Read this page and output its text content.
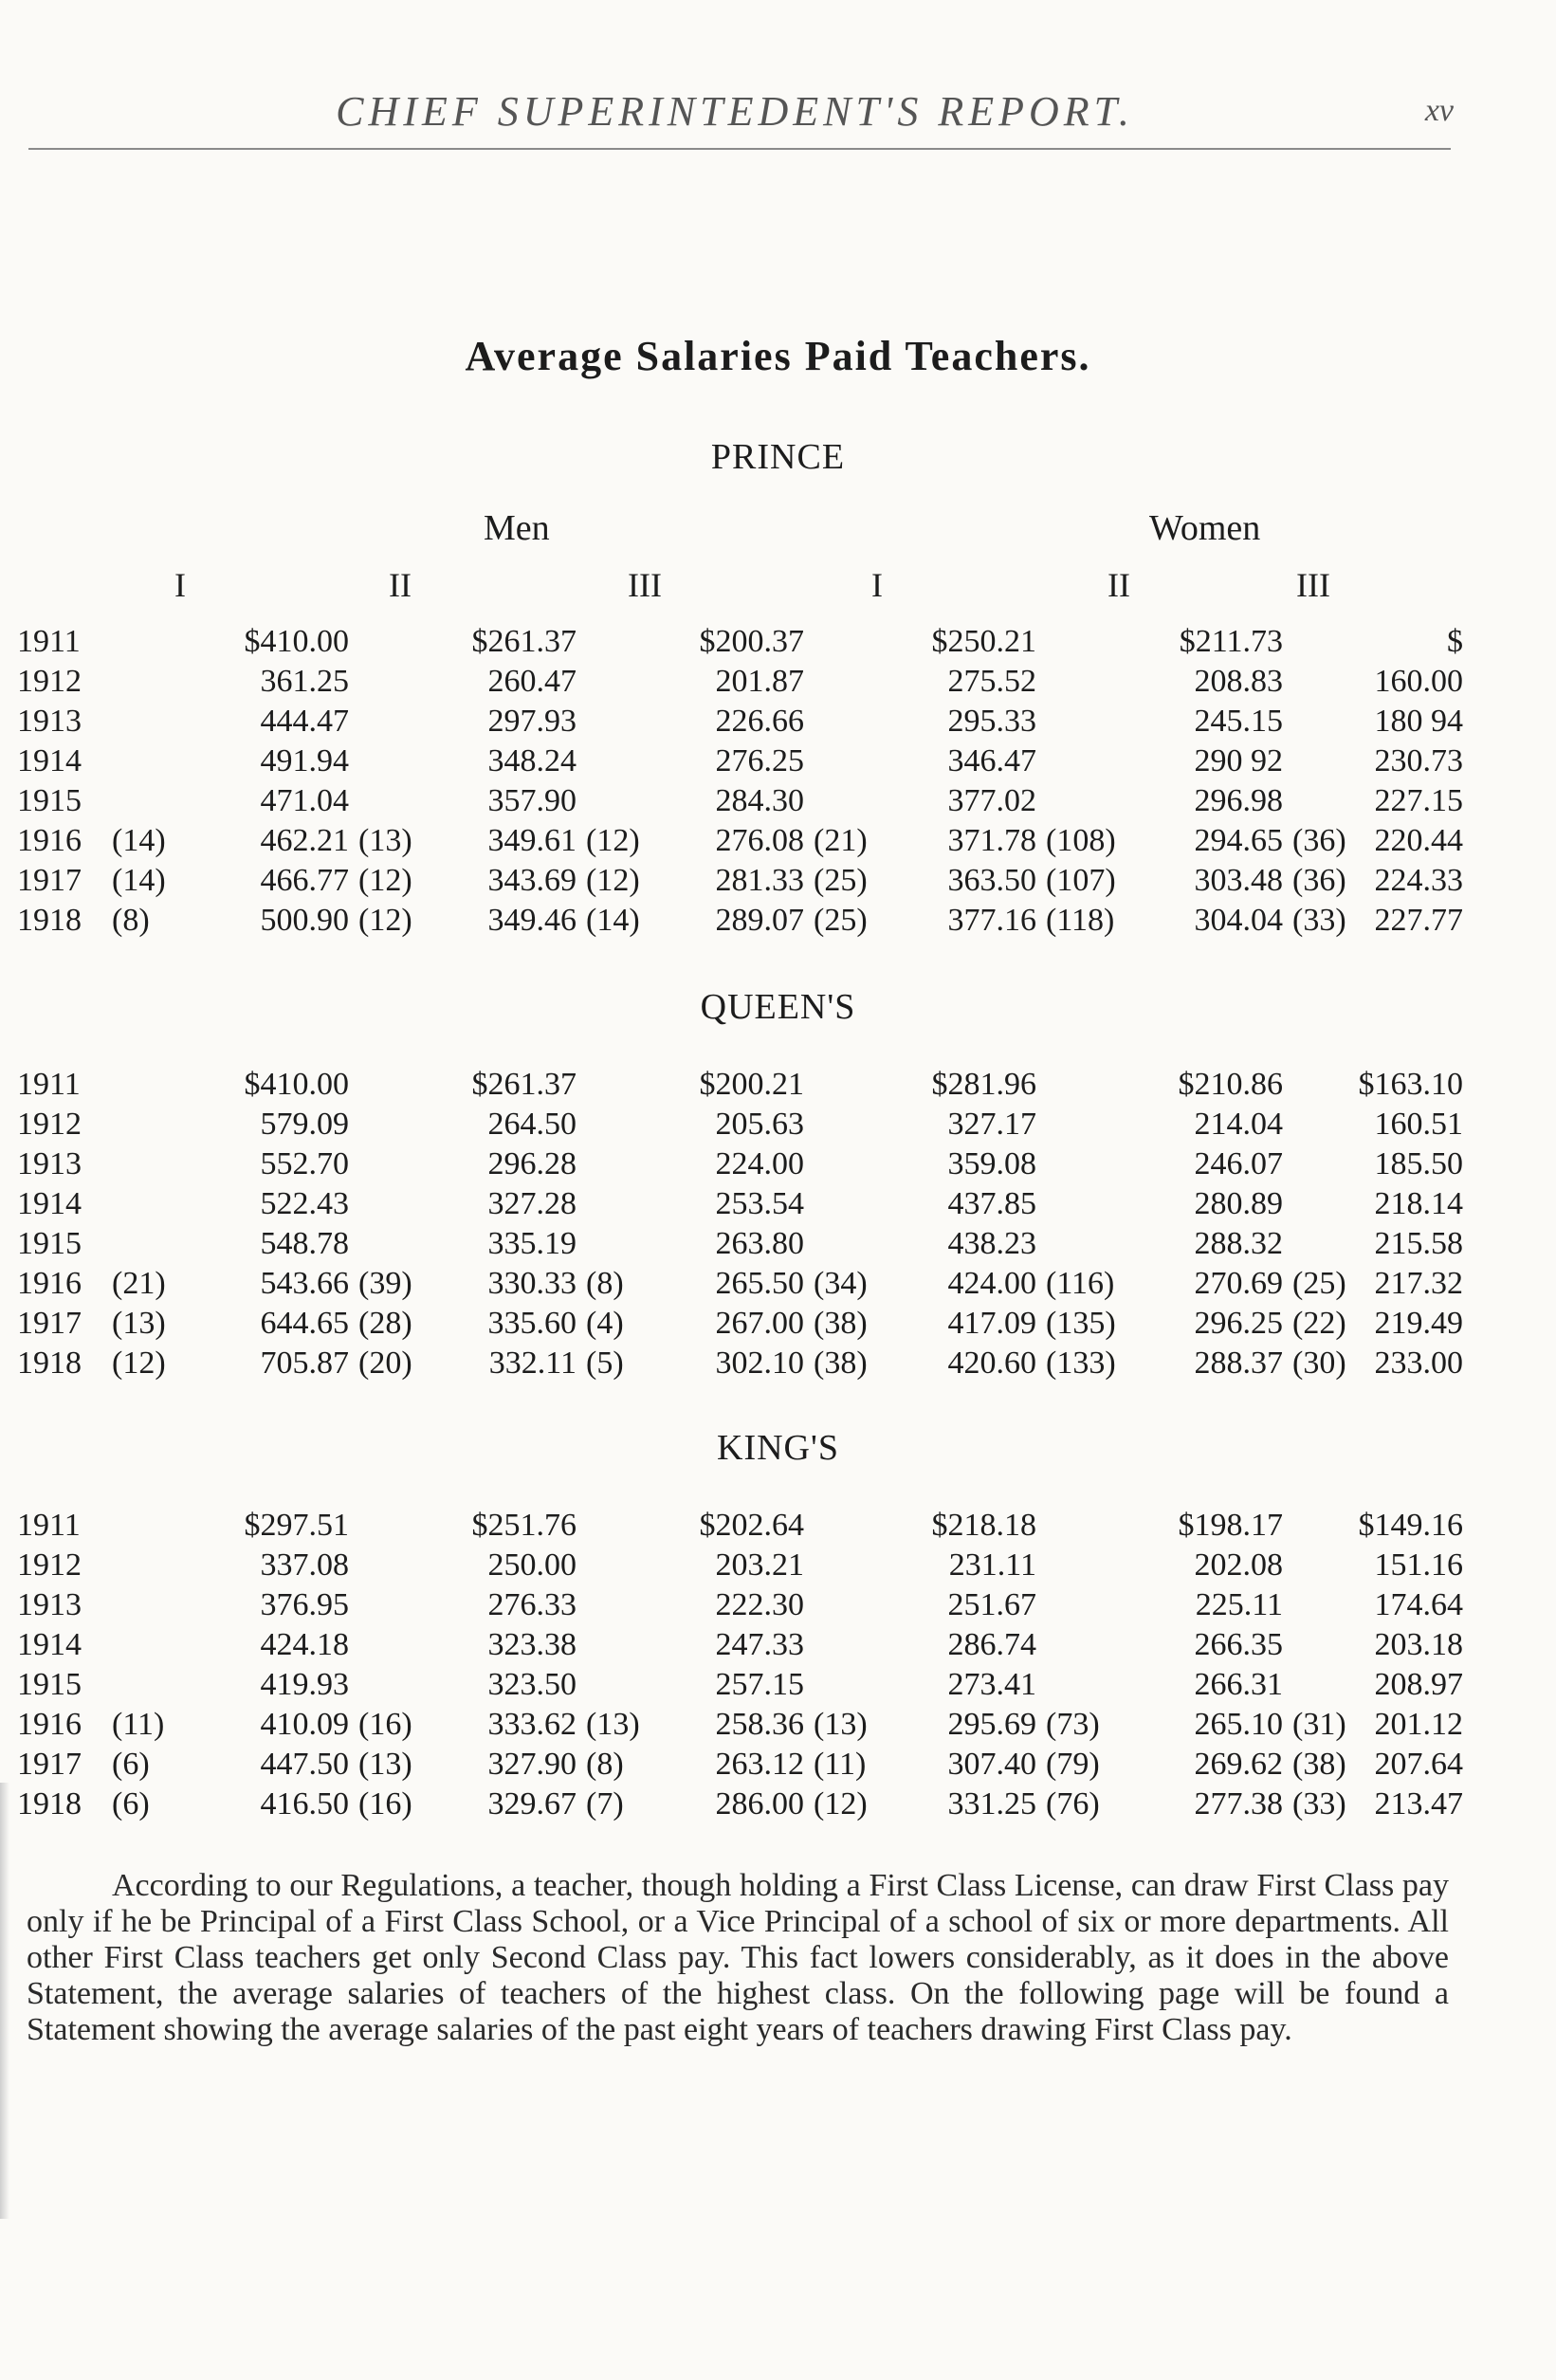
CHIEF SUPERINTEDENT'S REPORT.	xv
Average Salaries Paid Teachers.
PRINCE
Men	Women
I	II	III	I	II	III
1911	$410.00	$261.37	$200.37	$250.21	$211.73	$
1912	361.25	260.47	201.87	275.52	208.83	160.00
1913	444.47	297.93	226.66	295.33	245.15	180 94
1914	491.94	348.24	276.25	346.47	290 92	230.73
1915	471.04	357.90	284.30	377.02	296.98	227.15
1916 (14)	462.21 (13)	349.61 (12)	276.08 (21)	371.78 (108)	294.65 (36) 220.44
1917 (14)	466.77 (12)	343.69 (12)	281.33 (25)	363.50 (107)	303.48 (36) 224.33
1918 (8)	500.90 (12)	349.46 (14)	289.07 (25)	377.16 (118)	304.04 (33) 227.77
QUEEN'S
1911	$410.00	$261.37	$200.21	$281.96	$210.86 $163.10
1912	579.09	264.50	205.63	327.17	214.04	160.51
1913	552.70	296.28	224.00	359.08	246.07	185.50
1914	522.43	327.28	253.54	437.85	280.89	218.14
1915	548.78	335.19	263.80	438.23	288.32	215.58
1916 (21)	543.66 (39)	330.33 (8)	265.50 (34)	424.00 (116)	270.69 (25) 217.32
1917 (13)	644.65 (28)	335.60 (4)	267.00 (38)	417.09 (135)	296.25 (22) 219.49
1918 (12)	705.87 (20)	332.11 (5)	302.10 (38)	420.60 (133)	288.37 (30) 233.00
KING'S
1911	$297.51	$251.76	$202.64	$218.18	$198.17 $149.16
1912	337.08	250.00	203.21	231.11	202.08	151.16
1913	376.95	276.33	222.30	251.67	225.11	174.64
1914	424.18	323.38	247.33	286.74	266.35	203.18
1915	419.93	323.50	257.15	273.41	266.31	208.97
1916 (11)	410.09 (16)	333.62 (13)	258.36 (13)	295.69 (73)	265.10 (31) 201.12
1917 (6)	447.50 (13)	327.90 (8)	263.12 (11)	307.40 (79)	269.62 (38) 207.64
1918 (6)	416.50 (16)	329.67 (7)	286.00 (12)	331.25 (76)	277.38 (33) 213.47
According to our Regulations, a teacher, though holding a First Class License, can draw First Class pay only if he be Principal of a First Class School, or a Vice Principal of a school of six or more departments. All other First Class teachers get only Second Class pay. This fact lowers considerably, as it does in the above Statement, the average salaries of teachers of the highest class. On the following page will be found a Statement showing the average salaries of the past eight years of teachers drawing First Class pay.
